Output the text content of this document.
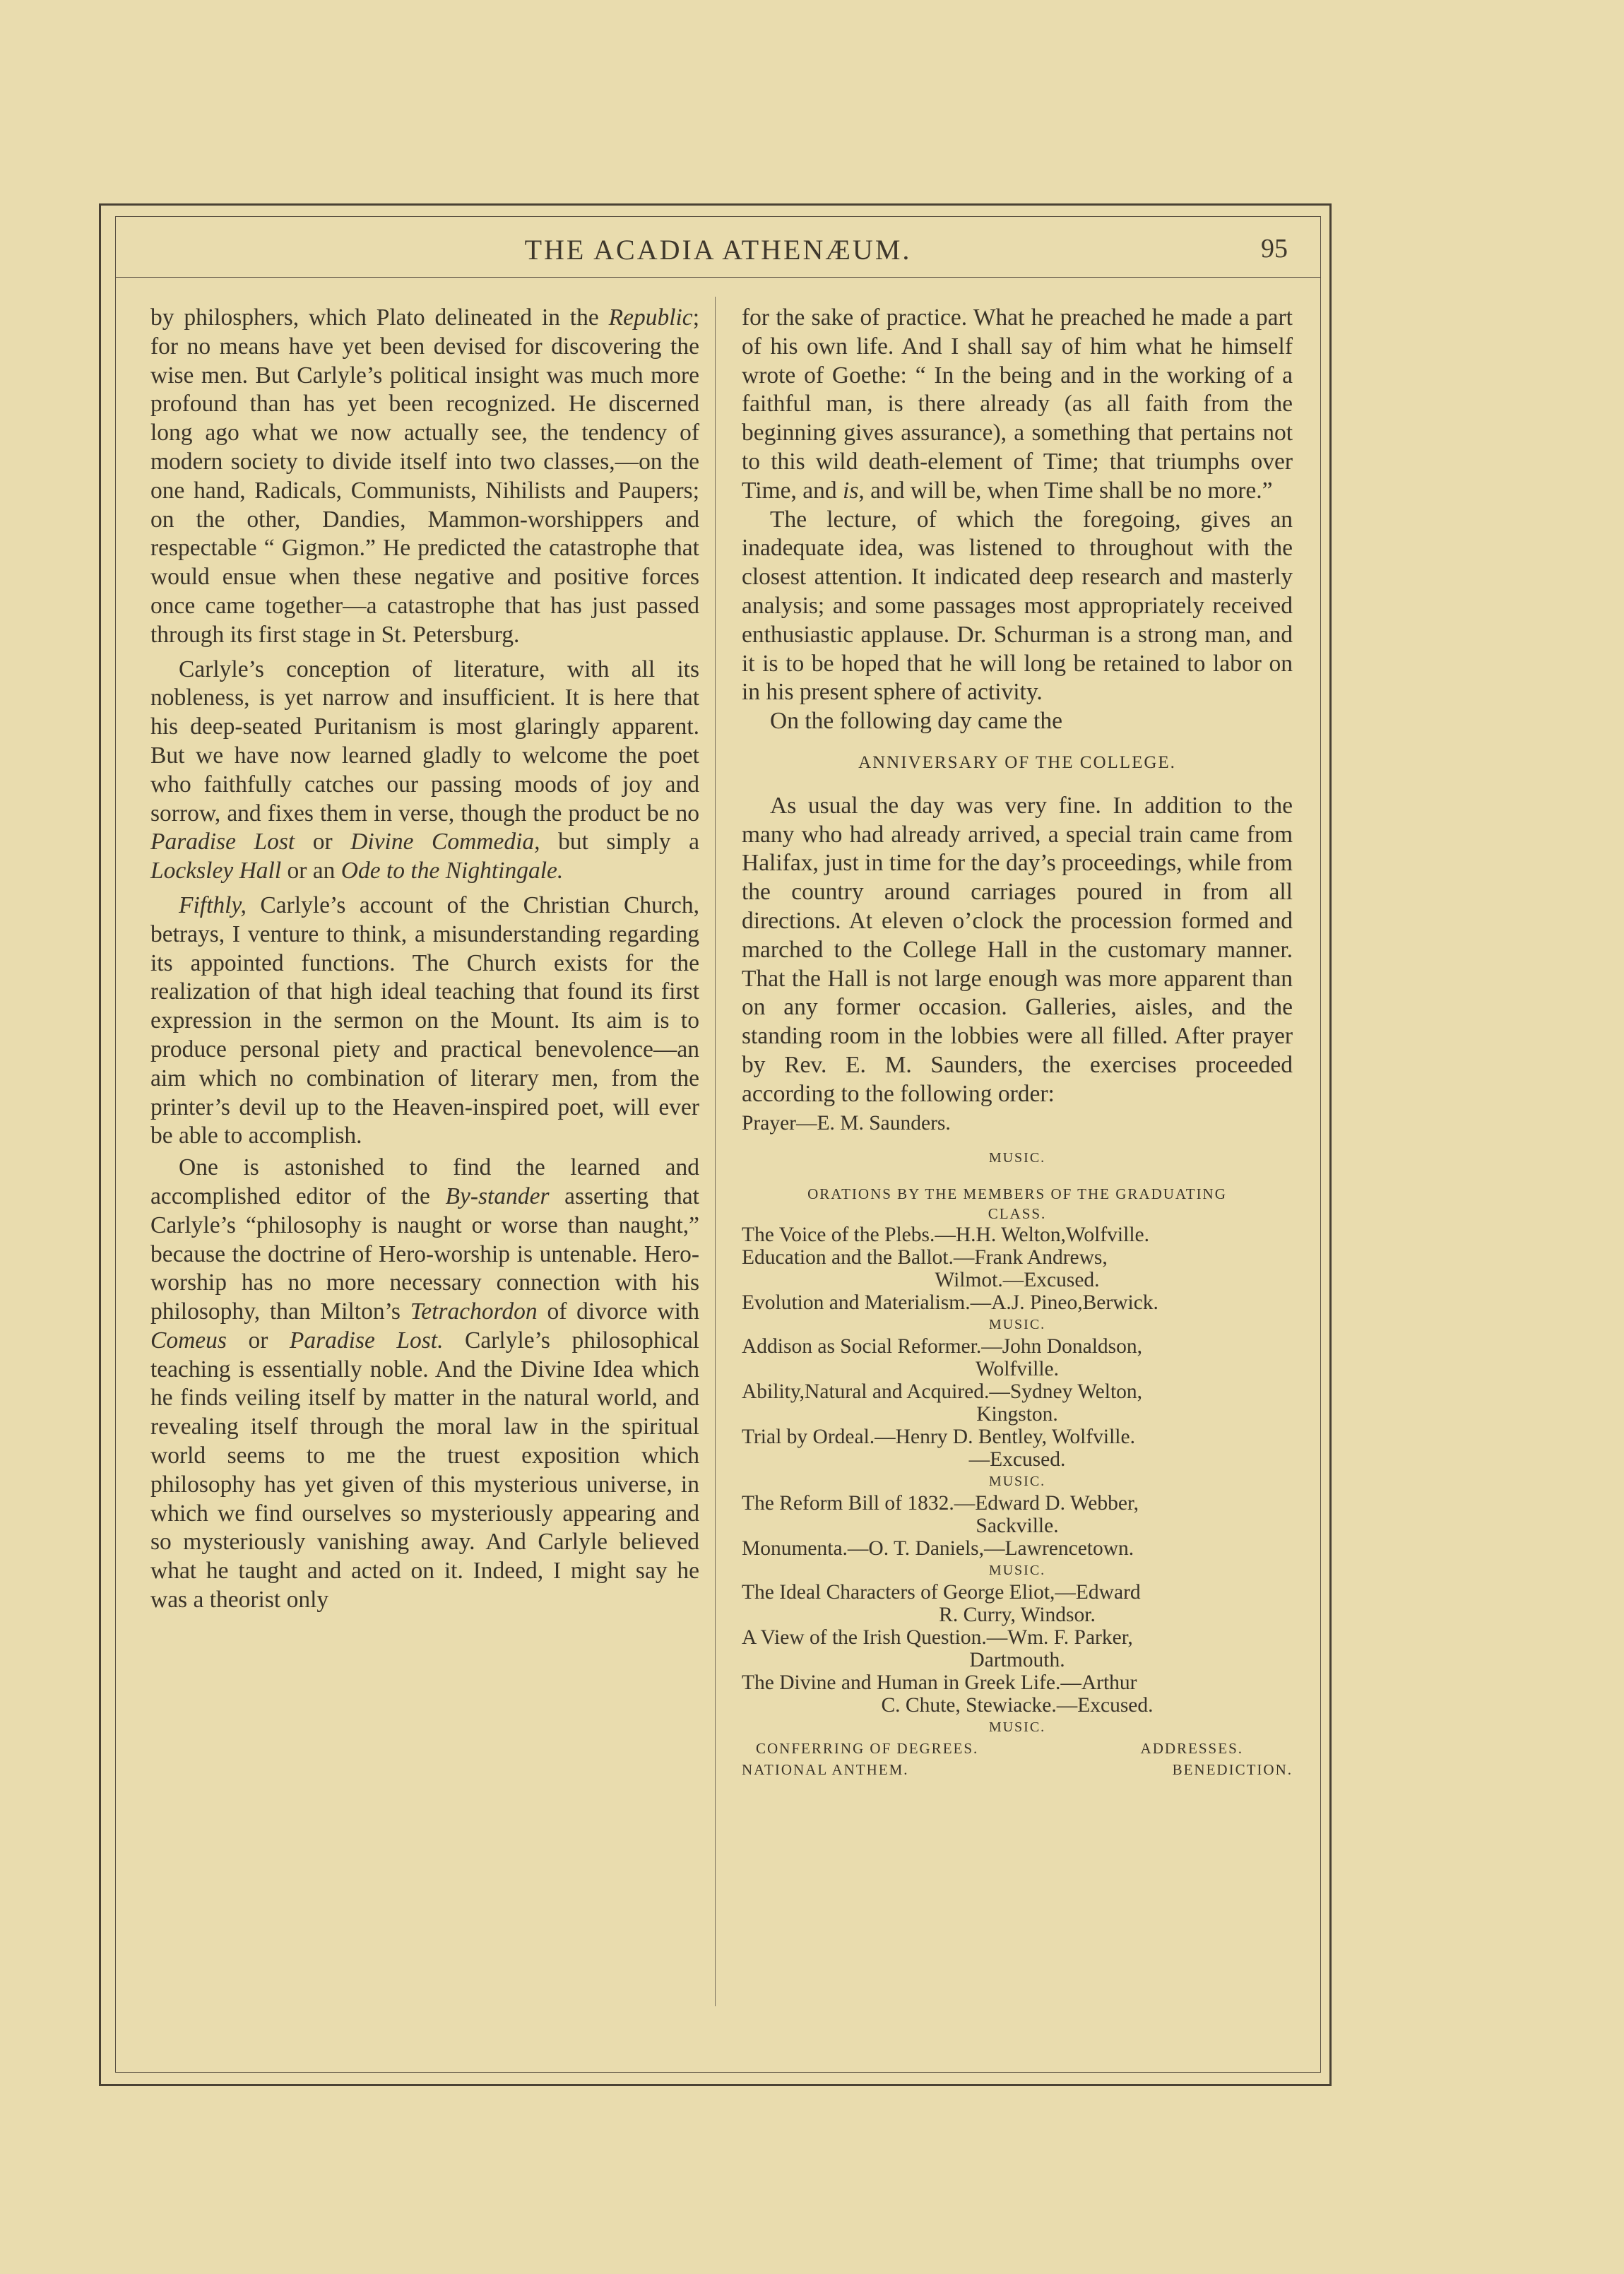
THE ACADIA ATHENÆUM.	95

by philosphers, which Plato delineated in the Republic; for no means have yet been devised for discovering the wise men. But Carlyle’s political insight was much more profound than has yet been recognized. He discerned long ago what we now actually see, the tendency of modern society to divide itself into two classes,—on the one hand, Radicals, Communists, Nihilists and Paupers; on the other, Dandies, Mammon-worshippers and respectable “ Gigmon.” He predicted the catastrophe that would ensue when these negative and positive forces once came together—a catastrophe that has just passed through its first stage in St. Petersburg.

Carlyle’s conception of literature, with all its nobleness, is yet narrow and insufficient. It is here that his deep-seated Puritanism is most glaringly apparent. But we have now learned gladly to welcome the poet who faithfully catches our passing moods of joy and sorrow, and fixes them in verse, though the product be no Paradise Lost or Divine Commedia, but simply a Locksley Hall or an Ode to the Nightingale.

Fifthly, Carlyle’s account of the Christian Church, betrays, I venture to think, a misunderstanding regarding its appointed functions. The Church exists for the realization of that high ideal teaching that found its first expression in the sermon on the Mount. Its aim is to produce personal piety and practical benevolence—an aim which no combination of literary men, from the printer’s devil up to the Heaven-inspired poet, will ever be able to accomplish.

One is astonished to find the learned and accomplished editor of the By-stander asserting that Carlyle’s “philosophy is naught or worse than naught,” because the doctrine of Hero-worship is untenable. Hero-worship has no more necessary connection with his philosophy, than Milton’s Tetrachordon of divorce with Comeus or Paradise Lost. Carlyle’s philosophical teaching is essentially noble. And the Divine Idea which he finds veiling itself by matter in the natural world, and revealing itself through the moral law in the spiritual world seems to me the truest exposition which philosophy has yet given of this mysterious universe, in which we find ourselves so mysteriously appearing and so mysteriously vanishing away. And Carlyle believed what he taught and acted on it. Indeed, I might say he was a theorist only

for the sake of practice. What he preached he made a part of his own life. And I shall say of him what he himself wrote of Goethe: “ In the being and in the working of a faithful man, is there already (as all faith from the beginning gives assurance), a something that pertains not to this wild death-element of Time; that triumphs over Time, and is, and will be, when Time shall be no more.”

The lecture, of which the foregoing, gives an inadequate idea, was listened to throughout with the closest attention. It indicated deep research and masterly analysis; and some passages most appropriately received enthusiastic applause. Dr. Schurman is a strong man, and it is to be hoped that he will long be retained to labor on in his present sphere of activity.

On the following day came the

ANNIVERSARY OF THE COLLEGE.

As usual the day was very fine. In addition to the many who had already arrived, a special train came from Halifax, just in time for the day’s proceedings, while from the country around carriages poured in from all directions. At eleven o’clock the procession formed and marched to the College Hall in the customary manner. That the Hall is not large enough was more apparent than on any former occasion. Galleries, aisles, and the standing room in the lobbies were all filled. After prayer by Rev. E. M. Saunders, the exercises proceeded according to the following order:

Prayer—E. M. Saunders.
MUSIC.
ORATIONS BY THE MEMBERS OF THE GRADUATING
CLASS.
The Voice of the Plebs.—H.H. Welton,Wolfville.
Education and the Ballot.—Frank Andrews,
Wilmot.—Excused.
Evolution and Materialism.—A.J. Pineo,Berwick.
MUSIC.
Addison as Social Reformer.—John Donaldson,
Wolfville.
Ability,Natural and Acquired.—Sydney Welton,
Kingston.
Trial by Ordeal.—Henry D. Bentley, Wolfville.
—Excused.
MUSIC.
The Reform Bill of 1832.—Edward D. Webber,
Sackville.
Monumenta.—O. T. Daniels,—Lawrencetown.
MUSIC.
The Ideal Characters of George Eliot,—Edward
R. Curry, Windsor.
A View of the Irish Question.—Wm. F. Parker,
Dartmouth.
The Divine and Human in Greek Life.—Arthur
C. Chute, Stewiacke.—Excused.
MUSIC.
CONFERRING OF DEGREES.	ADDRESSES.
NATIONAL ANTHEM.	BENEDICTION.
